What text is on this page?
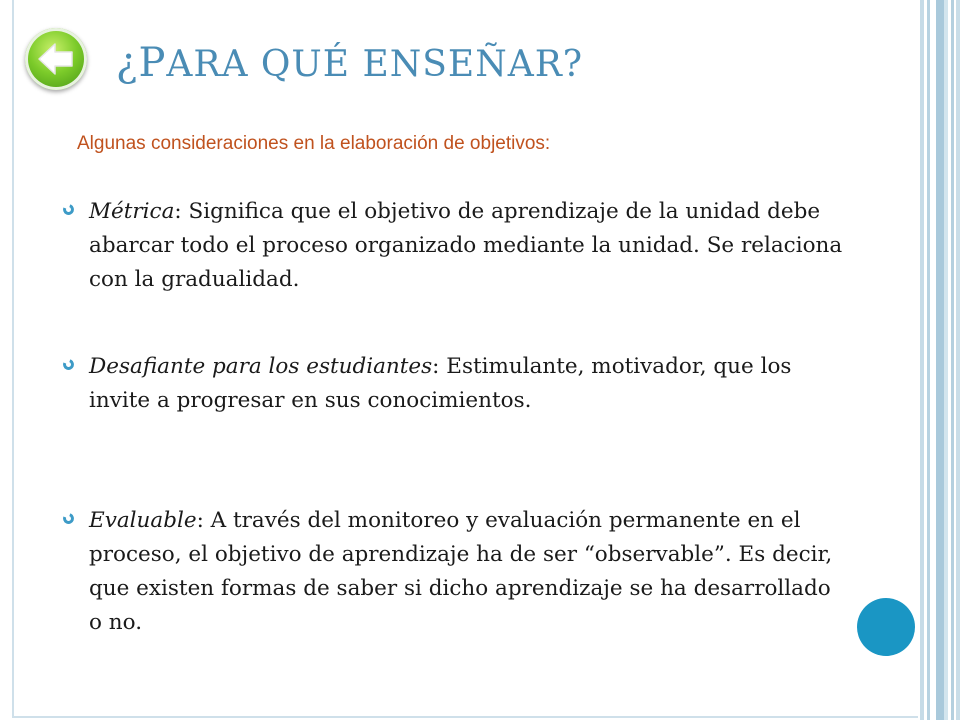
¿PARA QUÉ ENSEÑAR?
Algunas consideraciones en la elaboración de objetivos:

Métrica: Significa que el objetivo de aprendizaje de la unidad debe abarcar todo el proceso organizado mediante la unidad. Se relaciona con la gradualidad.

Desafiante para los estudiantes: Estimulante, motivador, que los invite a progresar en sus conocimientos.

Evaluable: A través del monitoreo y evaluación permanente en el proceso, el objetivo de aprendizaje ha de ser “observable”. Es decir, que existen formas de saber si dicho aprendizaje se ha desarrollado o no.
